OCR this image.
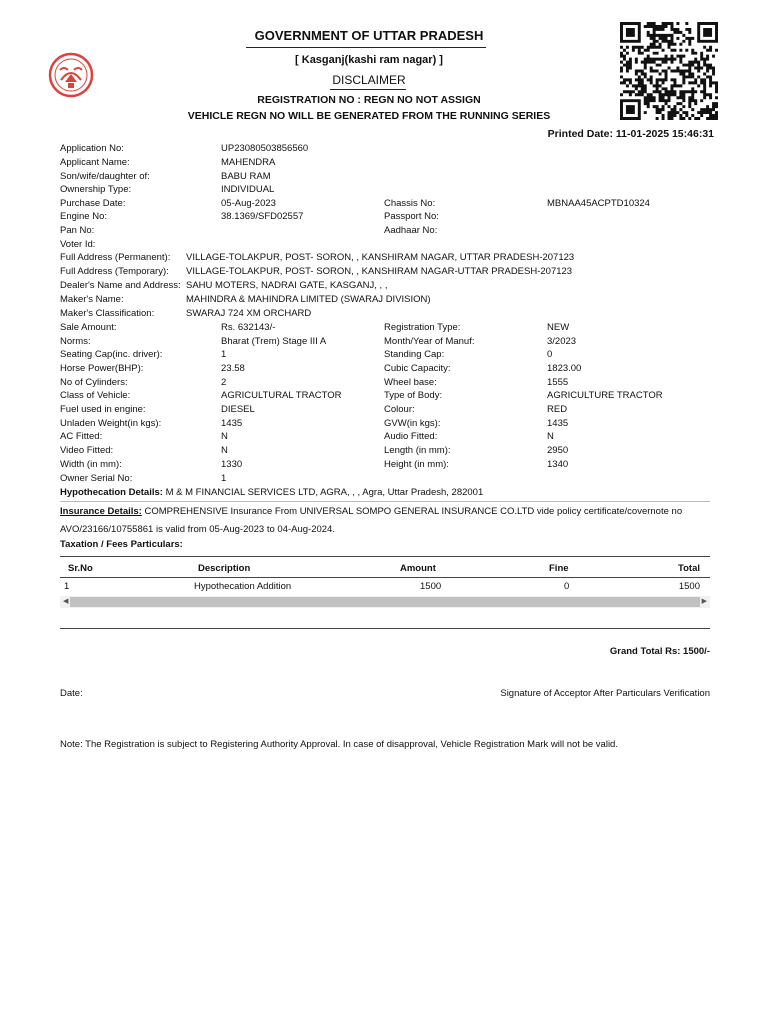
GOVERNMENT OF UTTAR PRADESH
[ Kasganj(kashi ram nagar) ]
DISCLAIMER
REGISTRATION NO : REGN NO NOT ASSIGN
VEHICLE REGN NO WILL BE GENERATED FROM THE RUNNING SERIES
Printed Date: 11-01-2025 15:46:31
Application No:	UP23080503856560
Applicant Name:	MAHENDRA
Son/wife/daughter of:	BABU RAM
Ownership Type:	INDIVIDUAL
Purchase Date:	05-Aug-2023	Chassis No:	MBNAA45ACPTD10324
Engine No:	38.1369/SFD02557	Passport No:
Pan No:	Aadhaar No:
Voter Id:
Full Address (Permanent): VILLAGE-TOLAKPUR, POST- SORON, , KANSHIRAM NAGAR, UTTAR PRADESH-207123
Full Address (Temporary): VILLAGE-TOLAKPUR, POST- SORON, , KANSHIRAM NAGAR-UTTAR PRADESH-207123
Dealer's Name and Address: SAHU MOTERS, NADRAI GATE, KASGANJ, , ,
Maker's Name:	MAHINDRA & MAHINDRA LIMITED (SWARAJ DIVISION)
Maker's Classification:	SWARAJ 724 XM ORCHARD
Sale Amount:	Rs. 632143/-	Registration Type:	NEW
Norms:	Bharat (Trem) Stage III A	Month/Year of Manuf:	3/2023
Seating Cap(inc. driver):	1	Standing Cap:	0
Horse Power(BHP):	23.58	Cubic Capacity:	1823.00
No of Cylinders:	2	Wheel base:	1555
Class of Vehicle:	AGRICULTURAL TRACTOR	Type of Body:	AGRICULTURE TRACTOR
Fuel used in engine:	DIESEL	Colour:	RED
Unladen Weight(in kgs):	1435	GVW(in kgs):	1435
AC Fitted:	N	Audio Fitted:	N
Video Fitted:	N	Length (in mm):	2950
Width (in mm):	1330	Height (in mm):	1340
Owner Serial No:	1
Hypothecation Details: M & M FINANCIAL SERVICES LTD, AGRA, , , Agra, Uttar Pradesh, 282001
Insurance Details: COMPREHENSIVE Insurance From UNIVERSAL SOMPO GENERAL INSURANCE CO.LTD vide policy certificate/covernote no
AVO/23166/10755861 is valid from 05-Aug-2023 to 04-Aug-2024.
Taxation / Fees Particulars:
Sr.No	Description	Amount	Fine	Total
1	Hypothecation Addition	1500	0	1500
◀	▶
Grand Total Rs: 1500/-
Date:	Signature of Acceptor After Particulars Verification
Note: The Registration is subject to Registering Authority Approval. In case of disapproval, Vehicle Registration Mark will not be valid.
